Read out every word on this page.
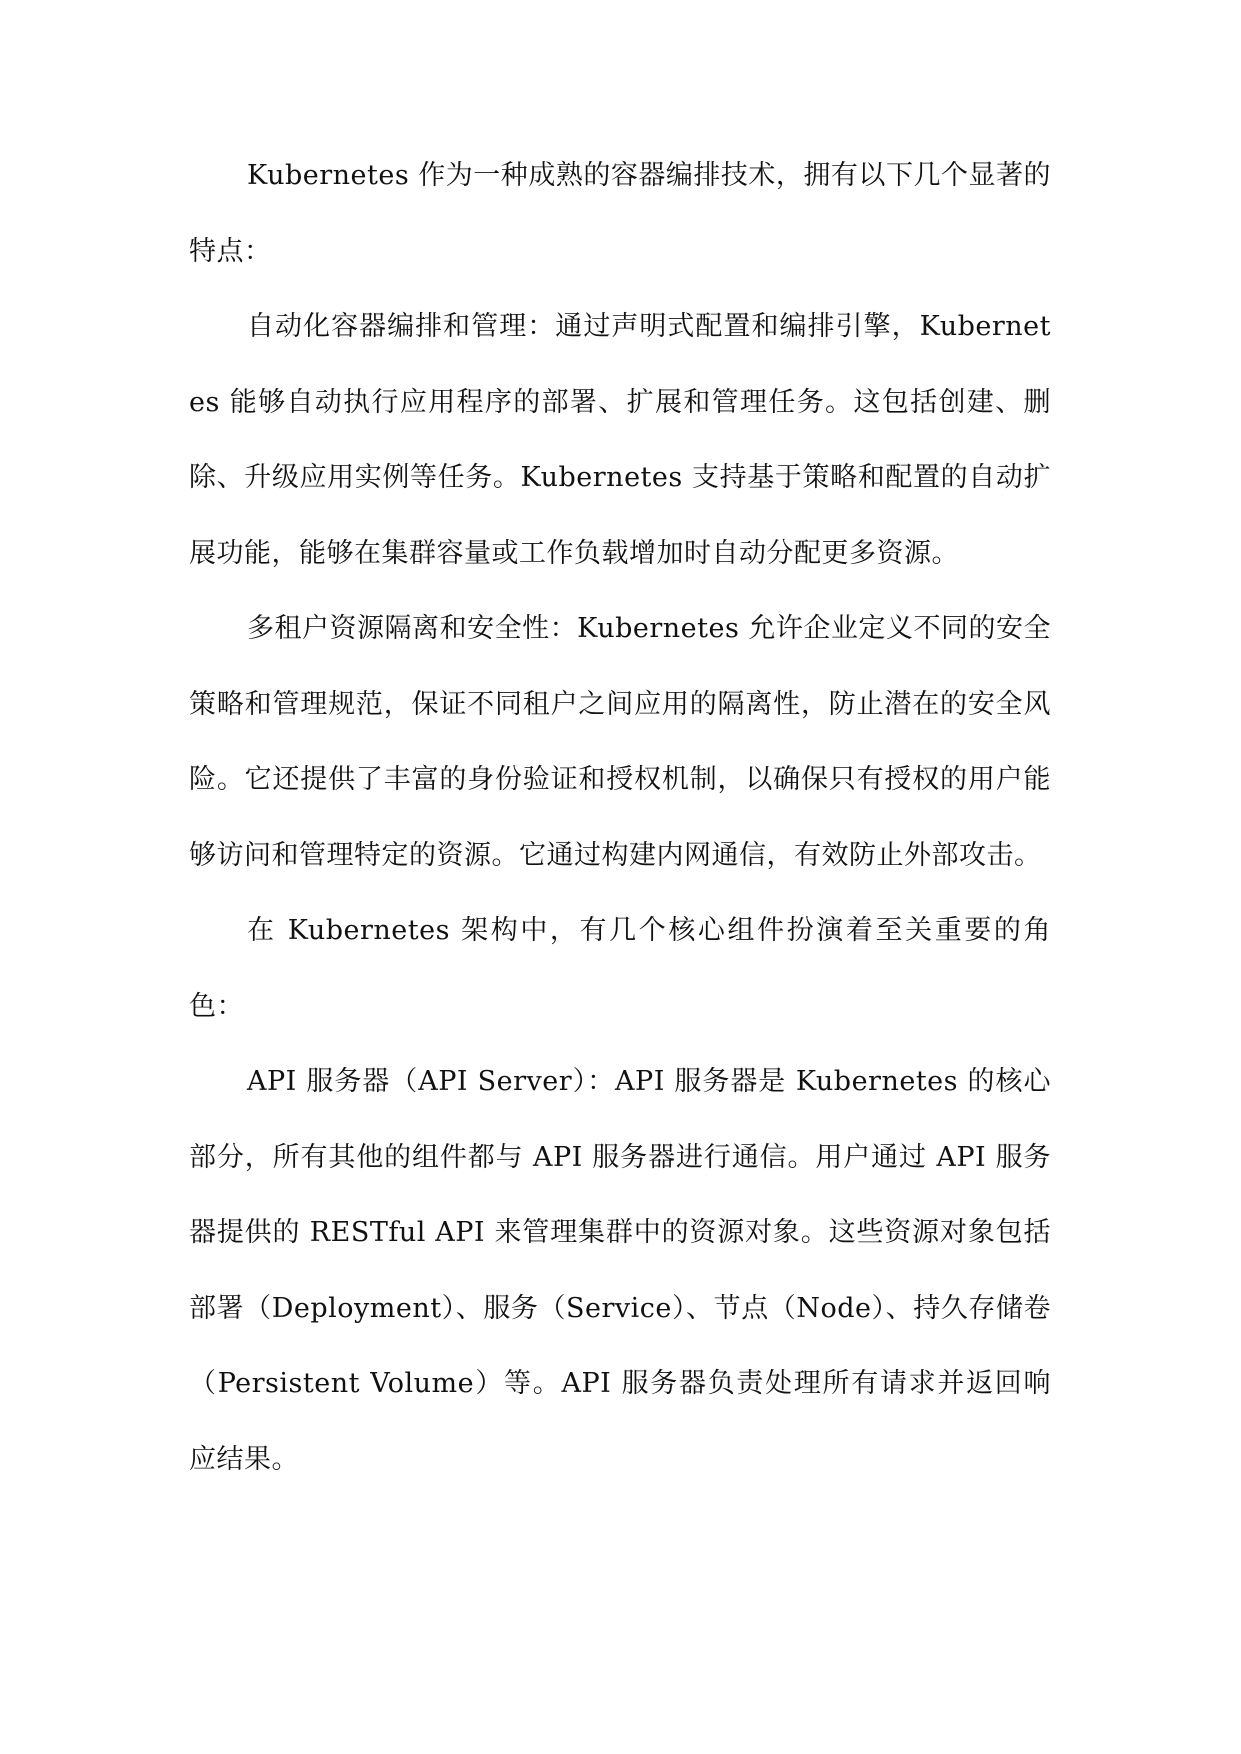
Kubernetes 作为一种成熟的容器编排技术，拥有以下几个显著的特点：

自动化容器编排和管理：通过声明式配置和编排引擎，Kubernetes 能够自动执行应用程序的部署、扩展和管理任务。这包括创建、删除、升级应用实例等任务。Kubernetes 支持基于策略和配置的自动扩展功能，能够在集群容量或工作负载增加时自动分配更多资源。

多租户资源隔离和安全性：Kubernetes 允许企业定义不同的安全策略和管理规范，保证不同租户之间应用的隔离性，防止潜在的安全风险。它还提供了丰富的身份验证和授权机制，以确保只有授权的用户能够访问和管理特定的资源。它通过构建内网通信，有效防止外部攻击。

在 Kubernetes 架构中，有几个核心组件扮演着至关重要的角色：

API 服务器（API Server）：API 服务器是 Kubernetes 的核心部分，所有其他的组件都与 API 服务器进行通信。用户通过 API 服务器提供的 RESTful API 来管理集群中的资源对象。这些资源对象包括部署（Deployment）、服务（Service）、节点（Node）、持久存储卷（Persistent Volume）等。API 服务器负责处理所有请求并返回响应结果。
